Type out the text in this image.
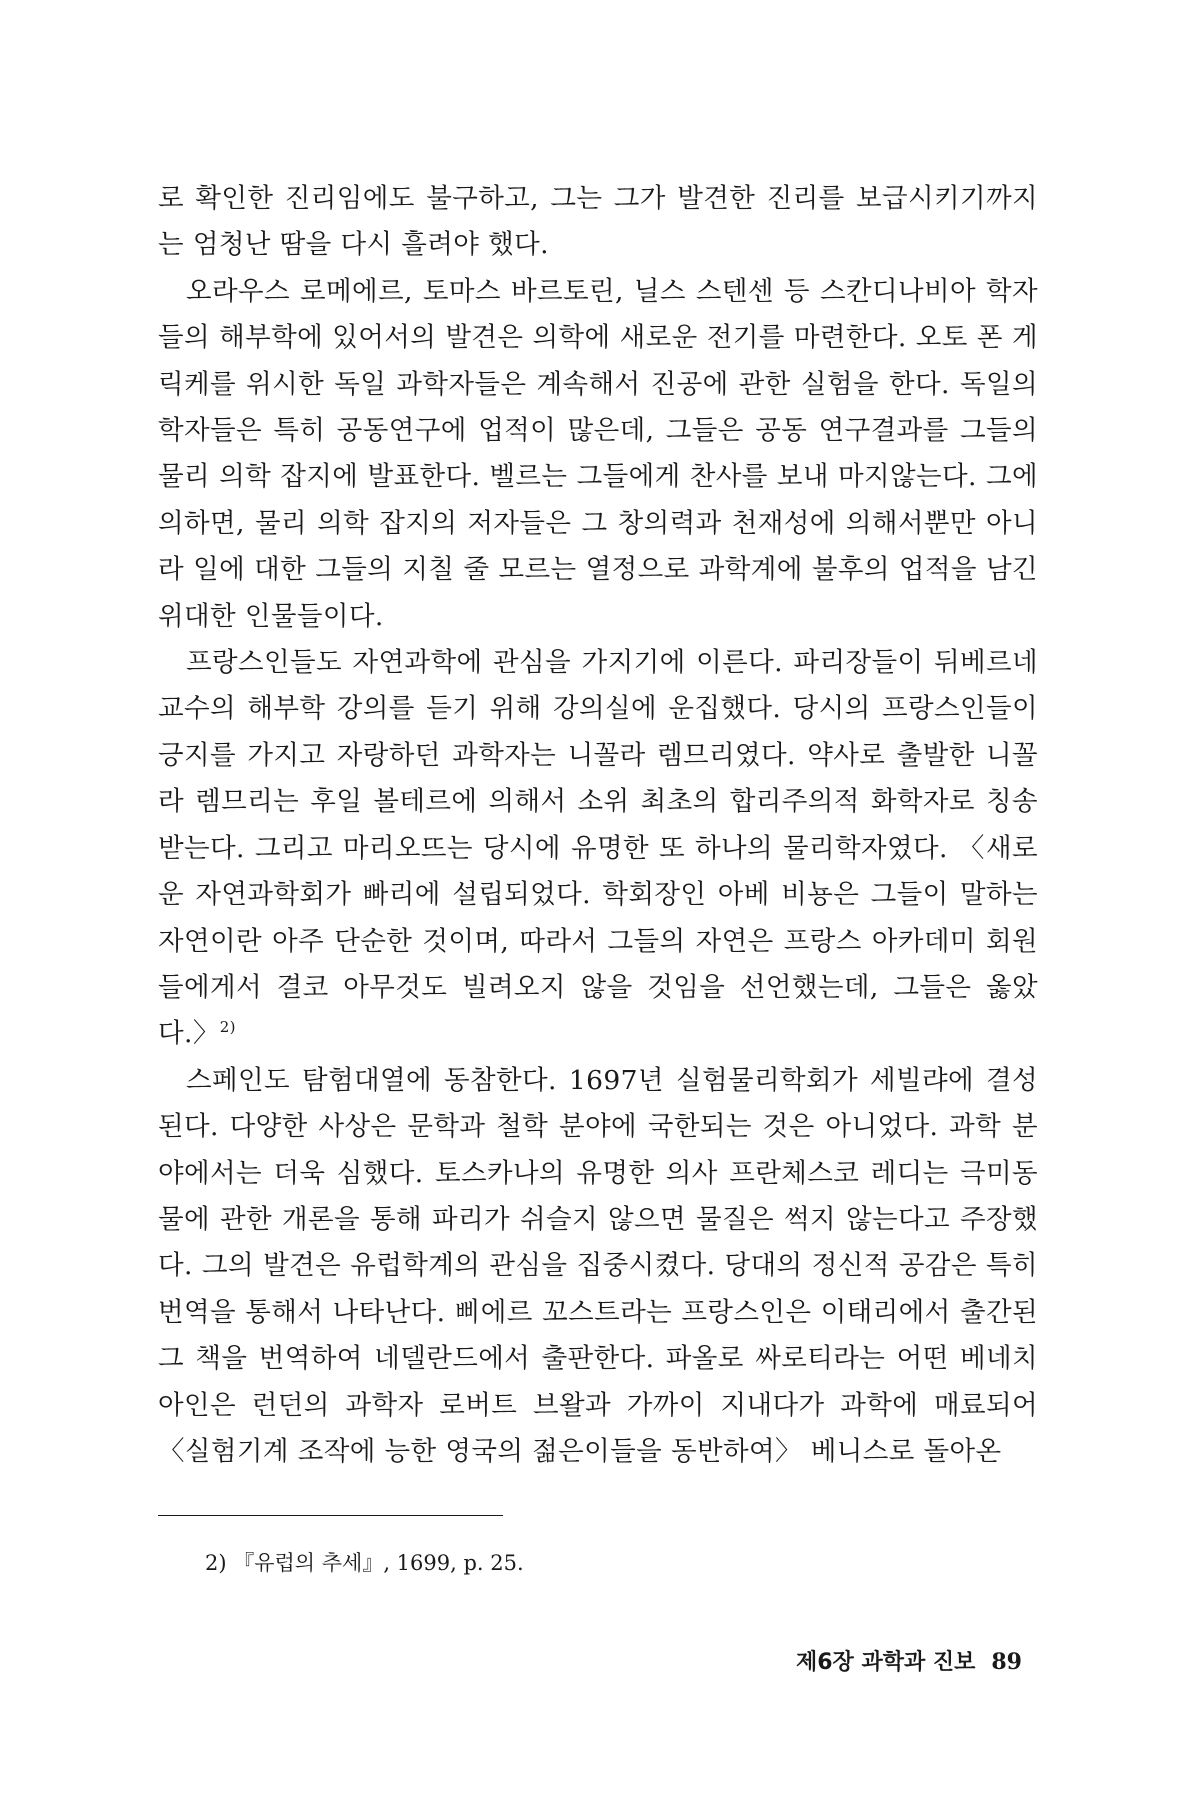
로 확인한 진리임에도 불구하고, 그는 그가 발견한 진리를 보급시키기까지는 엄청난 땀을 다시 흘려야 했다.

오라우스 로메에르, 토마스 바르토린, 닐스 스텐센 등 스칸디나비아 학자들의 해부학에 있어서의 발견은 의학에 새로운 전기를 마련한다. 오토 폰 게릭케를 위시한 독일 과학자들은 계속해서 진공에 관한 실험을 한다. 독일의 학자들은 특히 공동연구에 업적이 많은데, 그들은 공동 연구결과를 그들의 물리 의학 잡지에 발표한다. 벨르는 그들에게 찬사를 보내 마지않는다. 그에 의하면, 물리 의학 잡지의 저자들은 그 창의력과 천재성에 의해서뿐만 아니라 일에 대한 그들의 지칠 줄 모르는 열정으로 과학계에 불후의 업적을 남긴 위대한 인물들이다.

프랑스인들도 자연과학에 관심을 가지기에 이른다. 파리장들이 뒤베르네 교수의 해부학 강의를 듣기 위해 강의실에 운집했다. 당시의 프랑스인들이 긍지를 가지고 자랑하던 과학자는 니꼴라 렘므리였다. 약사로 출발한 니꼴라 렘므리는 후일 볼테르에 의해서 소위 최초의 합리주의적 화학자로 칭송받는다. 그리고 마리오뜨는 당시에 유명한 또 하나의 물리학자였다. 〈새로운 자연과학회가 빠리에 설립되었다. 학회장인 아베 비뇽은 그들이 말하는 자연이란 아주 단순한 것이며, 따라서 그들의 자연은 프랑스 아카데미 회원들에게서 결코 아무것도 빌려오지 않을 것임을 선언했는데, 그들은 옳았다.〉$^{2)}$

스페인도 탐험대열에 동참한다. 1697년 실험물리학회가 세빌랴에 결성된다. 다양한 사상은 문학과 철학 분야에 국한되는 것은 아니었다. 과학 분야에서는 더욱 심했다. 토스카나의 유명한 의사 프란체스코 레디는 극미동물에 관한 개론을 통해 파리가 쉬슬지 않으면 물질은 썩지 않는다고 주장했다. 그의 발견은 유럽학계의 관심을 집중시켰다. 당대의 정신적 공감은 특히 번역을 통해서 나타난다. 삐에르 꼬스트라는 프랑스인은 이태리에서 출간된 그 책을 번역하여 네델란드에서 출판한다. 파올로 싸로티라는 어떤 베네치아인은 런던의 과학자 로버트 브왈과 가까이 지내다가 과학에 매료되어 〈실험기계 조작에 능한 영국의 젊은이들을 동반하여〉 베니스로 돌아온

2) 『유럽의 추세』, 1699, p. 25.
제6장 과학과 진보 89
